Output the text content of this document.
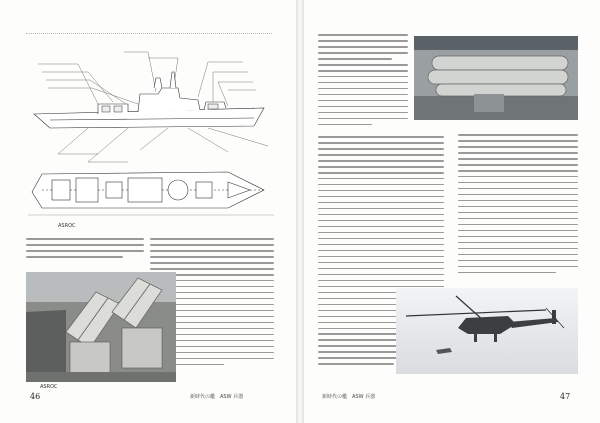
ASROC
ASROC
46	新時代の艦　ASW 兵器	新時代の艦　ASW 兵器	47
